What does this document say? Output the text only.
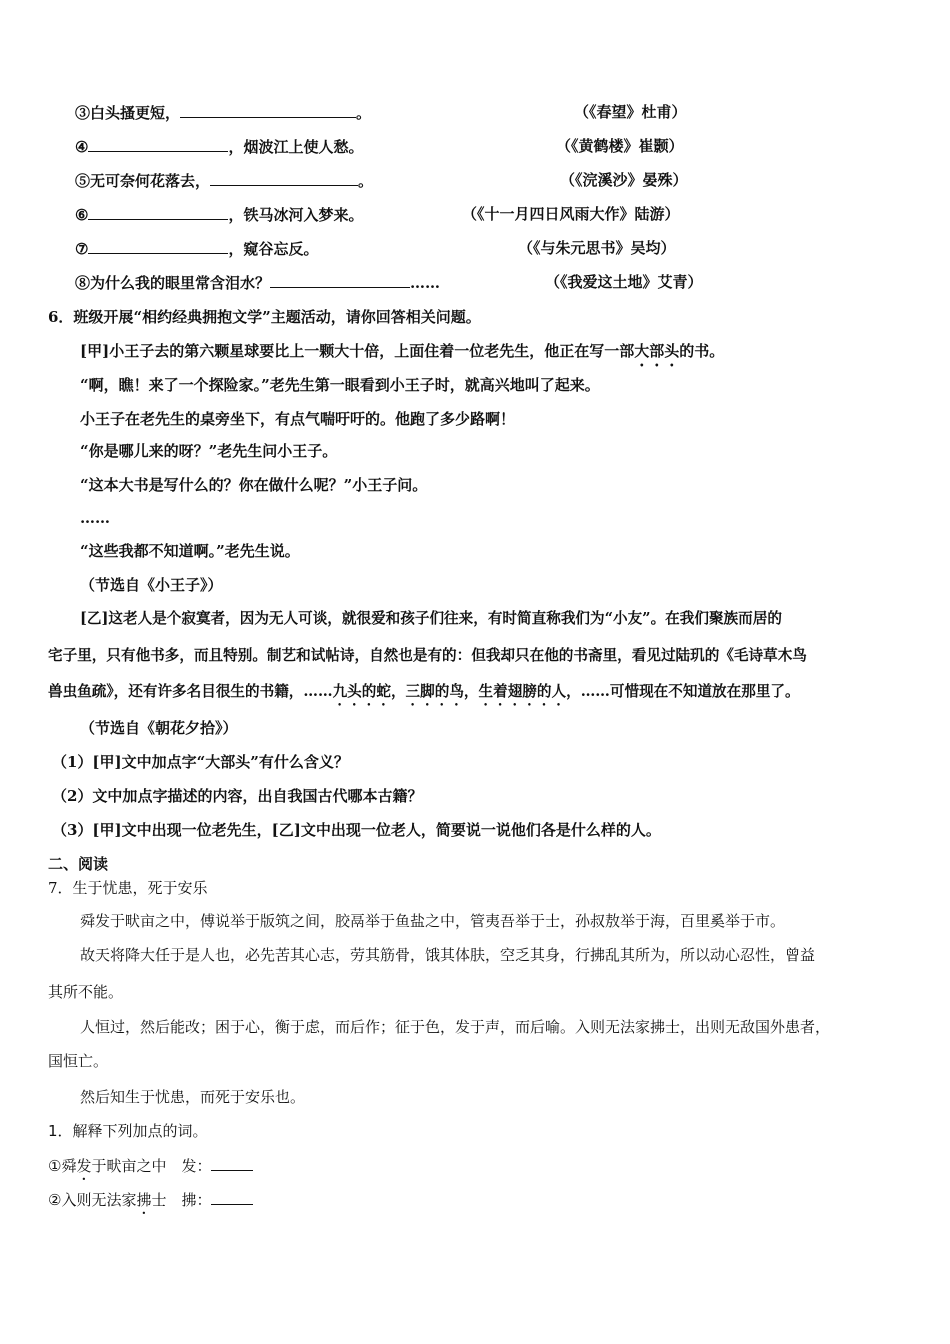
③白头搔更短，	。	（《春望》杜甫）
④	，烟波江上使人愁。	（《黄鹤楼》崔颢）
⑤无可奈何花落去，	。	（《浣溪沙》晏殊）
⑥	，铁马冰河入梦来。	（《十一月四日风雨大作》陆游）
⑦	，窥谷忘反。	（《与朱元思书》吴均）
⑧为什么我的眼里常含泪水？	……	（《我爱这土地》艾青）
6．班级开展“相约经典拥抱文学”主题活动，请你回答相关问题。
[甲]小王子去的第六颗星球要比上一颗大十倍，上面住着一位老先生，他正在写一部大部头的书。
“啊，瞧！来了一个探险家。”老先生第一眼看到小王子时，就高兴地叫了起来。
小王子在老先生的桌旁坐下，有点气喘吁吁的。他跑了多少路啊！
“你是哪儿来的呀？”老先生问小王子。
“这本大书是写什么的？你在做什么呢？”小王子问。
……
“这些我都不知道啊。”老先生说。
（节选自《小王子》）
[乙]这老人是个寂寞者，因为无人可谈，就很爱和孩子们往来，有时简直称我们为“小友”。在我们聚族而居的
宅子里，只有他书多，而且特别。制艺和试帖诗，自然也是有的：但我却只在他的书斋里，看见过陆玑的《毛诗草木鸟
兽虫鱼疏》，还有许多名目很生的书籍，……九头的蛇，三脚的鸟，生着翅膀的人，……可惜现在不知道放在那里了。
（节选自《朝花夕拾》）
（1）[甲]文中加点字“大部头”有什么含义？
（2）文中加点字描述的内容，出自我国古代哪本古籍？
（3）[甲]文中出现一位老先生，[乙]文中出现一位老人，简要说一说他们各是什么样的人。
二、阅读
7．生于忧患，死于安乐
舜发于畎亩之中，傅说举于版筑之间，胶鬲举于鱼盐之中，管夷吾举于士，孙叔敖举于海，百里奚举于市。
故天将降大任于是人也，必先苦其心志，劳其筋骨，饿其体肤，空乏其身，行拂乱其所为，所以动心忍性，曾益
其所不能。
人恒过，然后能改；困于心，衡于虑，而后作；征于色，发于声，而后喻。入则无法家拂士，出则无敌国外患者，
国恒亡。
然后知生于忧患，而死于安乐也。
1．解释下列加点的词。
①舜发于畎亩之中　发：
②入则无法家拂士　拂：
